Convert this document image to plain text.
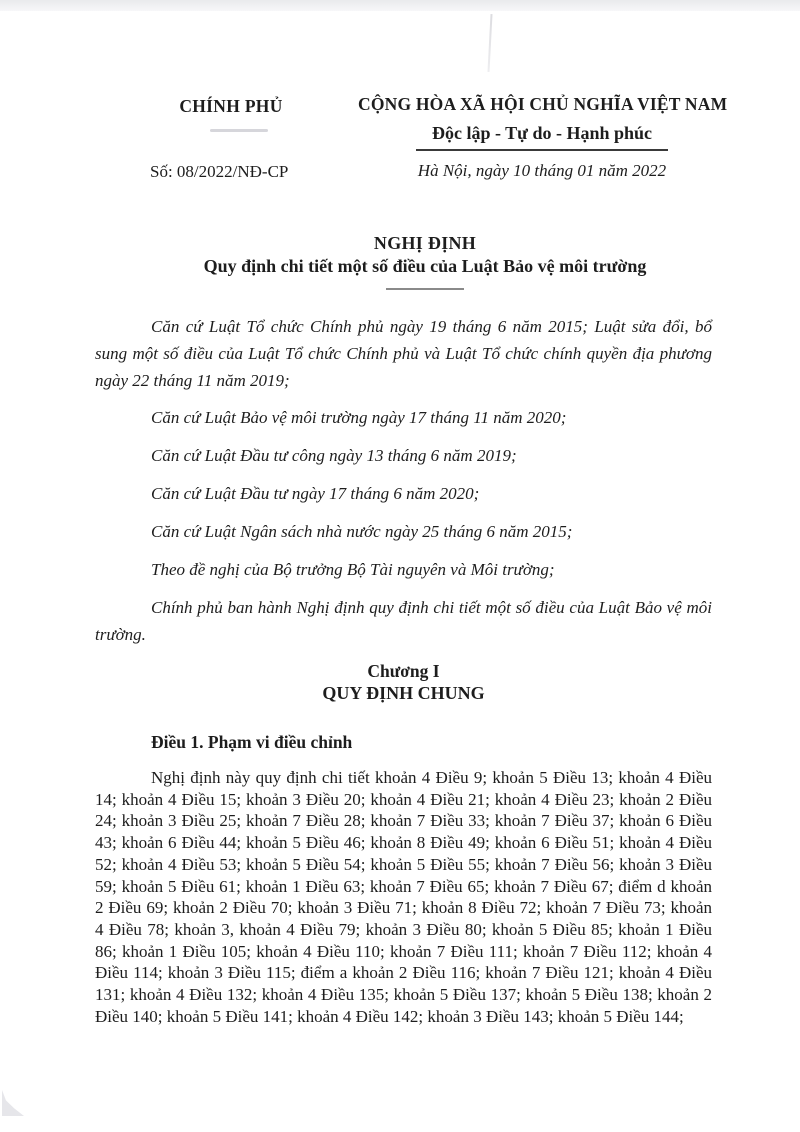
CHÍNH PHỦ
Số: 08/2022/NĐ-CP
CỘNG HÒA XÃ HỘI CHỦ NGHĨA VIỆT NAM
Độc lập - Tự do - Hạnh phúc
Hà Nội, ngày 10 tháng 01 năm 2022
NGHỊ ĐỊNH
Quy định chi tiết một số điều của Luật Bảo vệ môi trường

Căn cứ Luật Tổ chức Chính phủ ngày 19 tháng 6 năm 2015; Luật sửa đổi, bổ sung một số điều của Luật Tổ chức Chính phủ và Luật Tổ chức chính quyền địa phương ngày 22 tháng 11 năm 2019;

Căn cứ Luật Bảo vệ môi trường ngày 17 tháng 11 năm 2020;

Căn cứ Luật Đầu tư công ngày 13 tháng 6 năm 2019;

Căn cứ Luật Đầu tư ngày 17 tháng 6 năm 2020;

Căn cứ Luật Ngân sách nhà nước ngày 25 tháng 6 năm 2015;

Theo đề nghị của Bộ trưởng Bộ Tài nguyên và Môi trường;

Chính phủ ban hành Nghị định quy định chi tiết một số điều của Luật Bảo vệ môi trường.

Chương I
QUY ĐỊNH CHUNG
Điều 1. Phạm vi điều chỉnh
Nghị định này quy định chi tiết khoản 4 Điều 9; khoản 5 Điều 13; khoản 4 Điều 14; khoản 4 Điều 15; khoản 3 Điều 20; khoản 4 Điều 21; khoản 4 Điều 23; khoản 2 Điều 24; khoản 3 Điều 25; khoản 7 Điều 28; khoản 7 Điều 33; khoản 7 Điều 37; khoản 6 Điều 43; khoản 6 Điều 44; khoản 5 Điều 46; khoản 8 Điều 49; khoản 6 Điều 51; khoản 4 Điều 52; khoản 4 Điều 53; khoản 5 Điều 54; khoản 5 Điều 55; khoản 7 Điều 56; khoản 3 Điều 59; khoản 5 Điều 61; khoản 1 Điều 63; khoản 7 Điều 65; khoản 7 Điều 67; điểm d khoản 2 Điều 69; khoản 2 Điều 70; khoản 3 Điều 71; khoản 8 Điều 72; khoản 7 Điều 73; khoản 4 Điều 78; khoản 3, khoản 4 Điều 79; khoản 3 Điều 80; khoản 5 Điều 85; khoản 1 Điều 86; khoản 1 Điều 105; khoản 4 Điều 110; khoản 7 Điều 111; khoản 7 Điều 112; khoản 4 Điều 114; khoản 3 Điều 115; điểm a khoản 2 Điều 116; khoản 7 Điều 121; khoản 4 Điều 131; khoản 4 Điều 132; khoản 4 Điều 135; khoản 5 Điều 137; khoản 5 Điều 138; khoản 2 Điều 140; khoản 5 Điều 141; khoản 4 Điều 142; khoản 3 Điều 143; khoản 5 Điều 144;
